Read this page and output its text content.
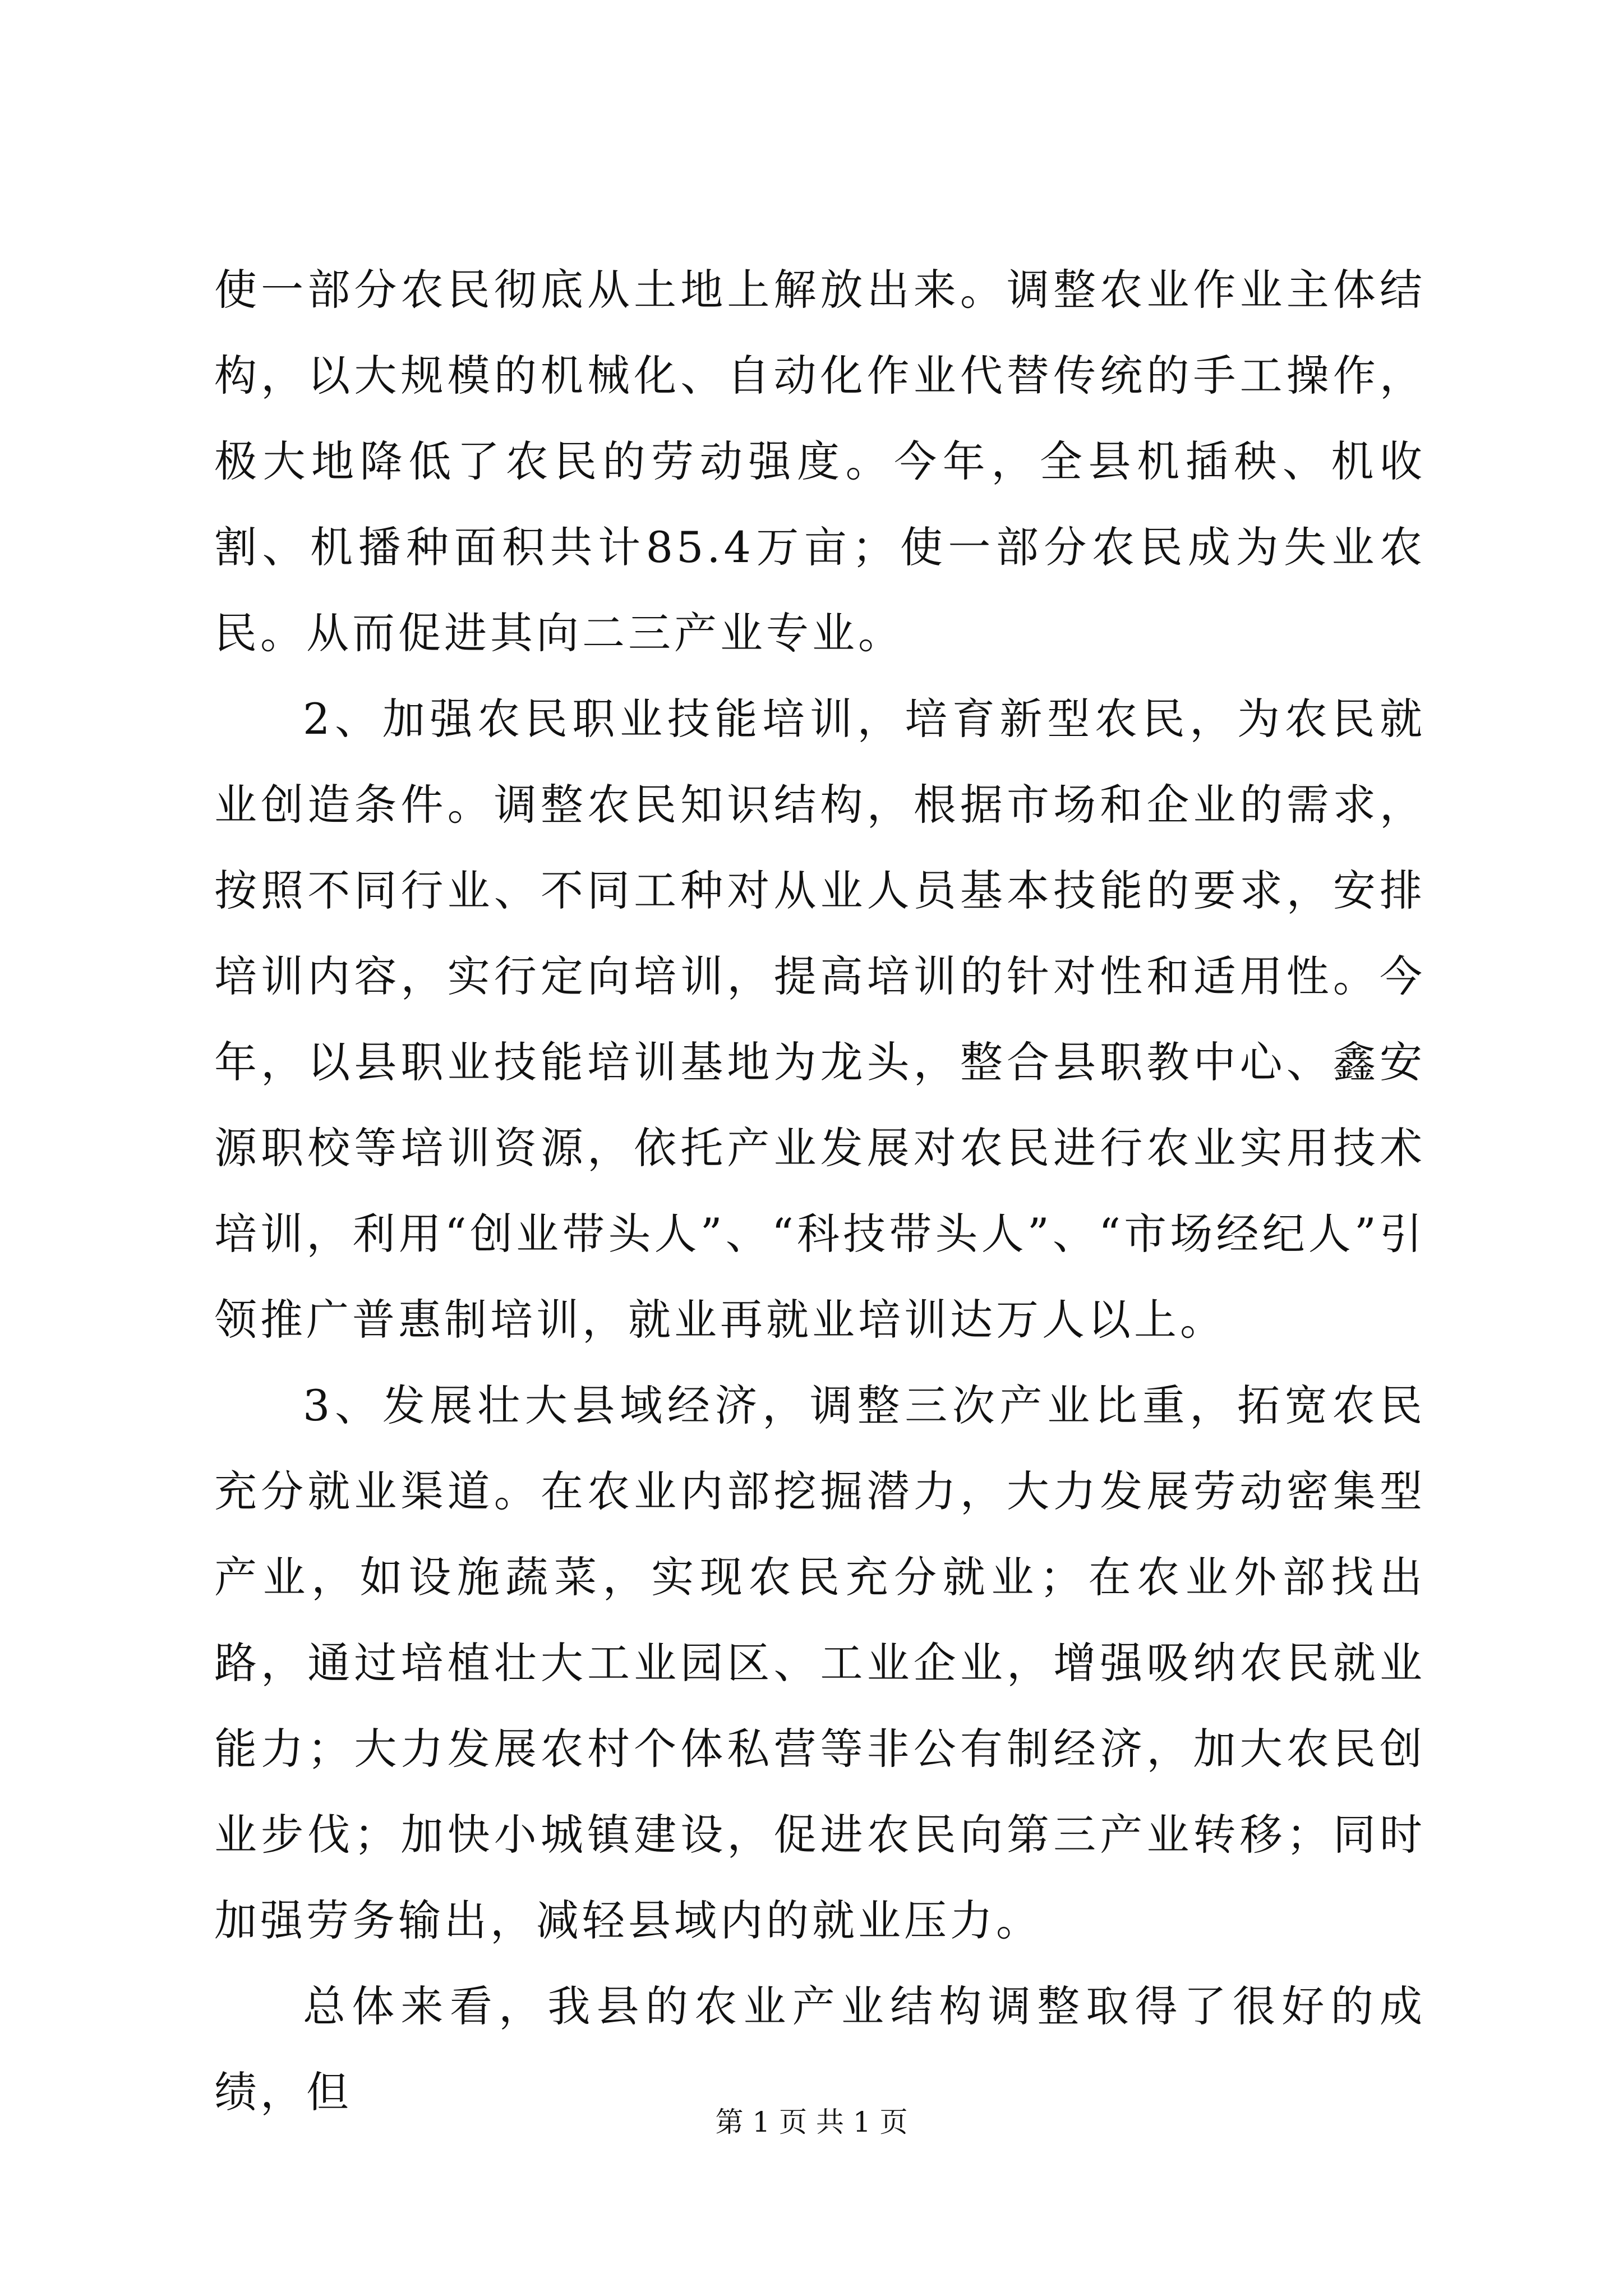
使一部分农民彻底从土地上解放出来。调整农业作业主体结构，以大规模的机械化、自动化作业代替传统的手工操作，极大地降低了农民的劳动强度。今年，全县机插秧、机收割、机播种面积共计85.4万亩；使一部分农民成为失业农民。从而促进其向二三产业专业。

2、加强农民职业技能培训，培育新型农民，为农民就业创造条件。调整农民知识结构，根据市场和企业的需求，按照不同行业、不同工种对从业人员基本技能的要求，安排培训内容，实行定向培训，提高培训的针对性和适用性。今年，以县职业技能培训基地为龙头，整合县职教中心、鑫安源职校等培训资源，依托产业发展对农民进行农业实用技术培训，利用“创业带头人”、“科技带头人”、“市场经纪人”引领推广普惠制培训，就业再就业培训达万人以上。

3、发展壮大县域经济，调整三次产业比重，拓宽农民充分就业渠道。在农业内部挖掘潜力，大力发展劳动密集型产业，如设施蔬菜，实现农民充分就业；在农业外部找出路，通过培植壮大工业园区、工业企业，增强吸纳农民就业能力；大力发展农村个体私营等非公有制经济，加大农民创业步伐；加快小城镇建设，促进农民向第三产业转移；同时加强劳务输出，减轻县域内的就业压力。

总体来看，我县的农业产业结构调整取得了很好的成绩，但

第 1 页 共 1 页
